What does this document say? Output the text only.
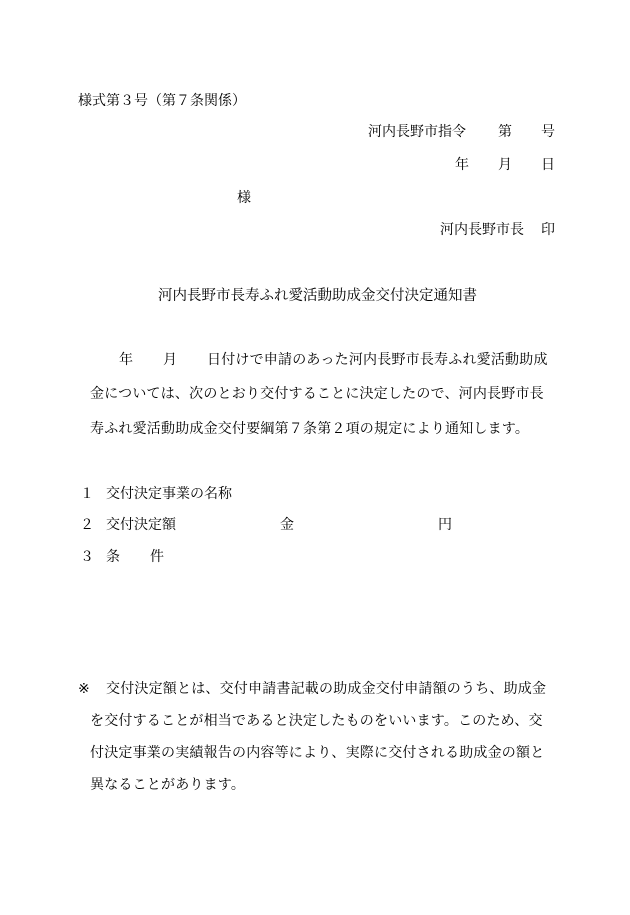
様式第３号（第７条関係）
河内長野市指令 第 号
年 月 日
様
河内長野市長 印
河内長野市長寿ふれ愛活動助成金交付決定通知書
年 月 日付けで申請のあった河内長野市長寿ふれ愛活動助成
金については、次のとおり交付することに決定したので、河内長野市長
寿ふれ愛活動助成金交付要綱第７条第２項の規定により通知します。
１ 交付決定事業の名称
２ 交付決定額	金	円
３ 条 件
※ 交付決定額とは、交付申請書記載の助成金交付申請額のうち、助成金
を交付することが相当であると決定したものをいいます。このため、交
付決定事業の実績報告の内容等により、実際に交付される助成金の額と
異なることがあります。
